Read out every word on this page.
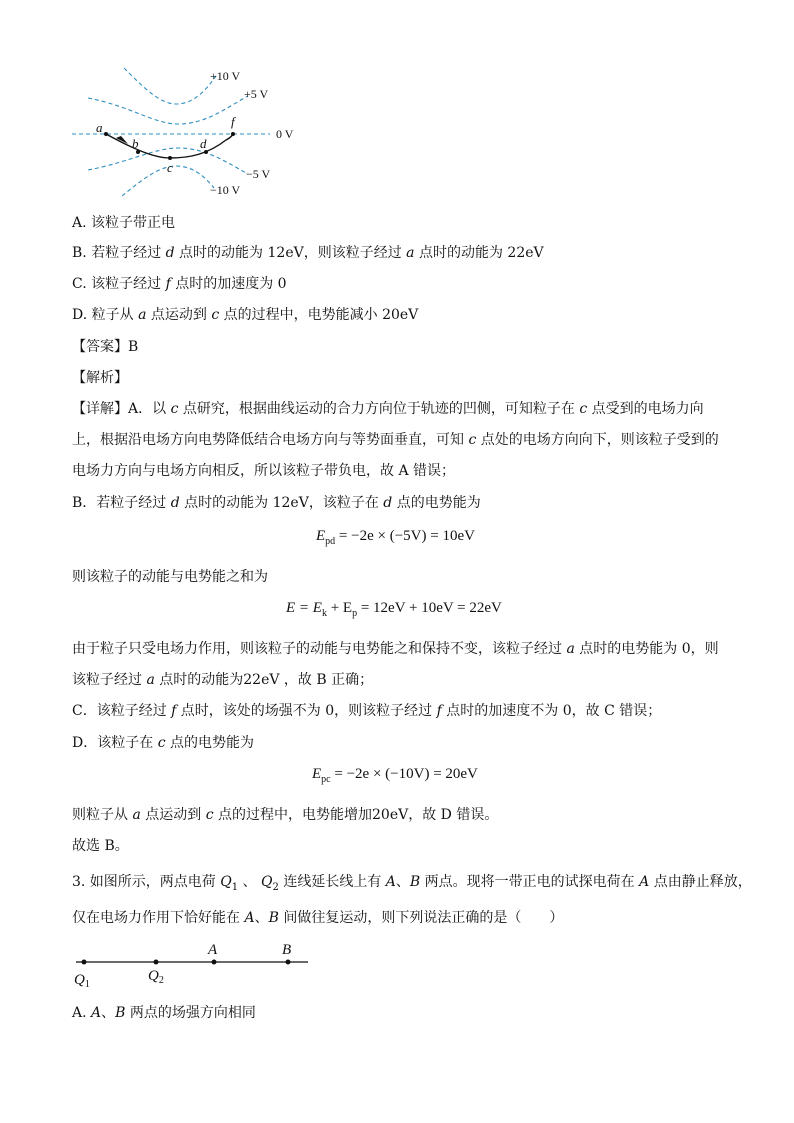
a
b
c
d
f
+10 V
+5 V
0 V
−5 V
−10 V
A. 该粒子带正电
B. 若粒子经过 d 点时的动能为 12eV，则该粒子经过 a 点时的动能为 22eV
C. 该粒子经过 f 点时的加速度为 0
D. 粒子从 a 点运动到 c 点的过程中，电势能减小 20eV
【答案】B
【解析】
【详解】A．以 c 点研究，根据曲线运动的合力方向位于轨迹的凹侧，可知粒子在 c 点受到的电场力向
上，根据沿电场方向电势降低结合电场方向与等势面垂直，可知 c 点处的电场方向向下，则该粒子受到的
电场力方向与电场方向相反，所以该粒子带负电，故 A 错误；
B．若粒子经过 d 点时的动能为 12eV，该粒子在 d 点的电势能为
$E_{pd} = -2e \times (-5V) = 10eV$
则该粒子的动能与电势能之和为
$E = E_k + E_p = 12eV + 10eV = 22eV$
由于粒子只受电场力作用，则该粒子的动能与电势能之和保持不变，该粒子经过 a 点时的电势能为 0，则
该粒子经过 a 点时的动能为22eV ，故 B 正确；
C．该粒子经过 f 点时，该处的场强不为 0，则该粒子经过 f 点时的加速度不为 0，故 C 错误；
D．该粒子在 c 点的电势能为
$E_{pc} = -2e \times (-10V) = 20eV$
则粒子从 a 点运动到 c 点的过程中，电势能增加20eV，故 D 错误。
故选 B。
3. 如图所示，两点电荷 $Q_1$ 、 $Q_2$ 连线延长线上有 A、B 两点。现将一带正电的试探电荷在 A 点由静止释放，
仅在电场力作用下恰好能在 A、B 间做往复运动，则下列说法正确的是（　　）
$Q_1$
$Q_2$
A	B
A. A、B 两点的场强方向相同
